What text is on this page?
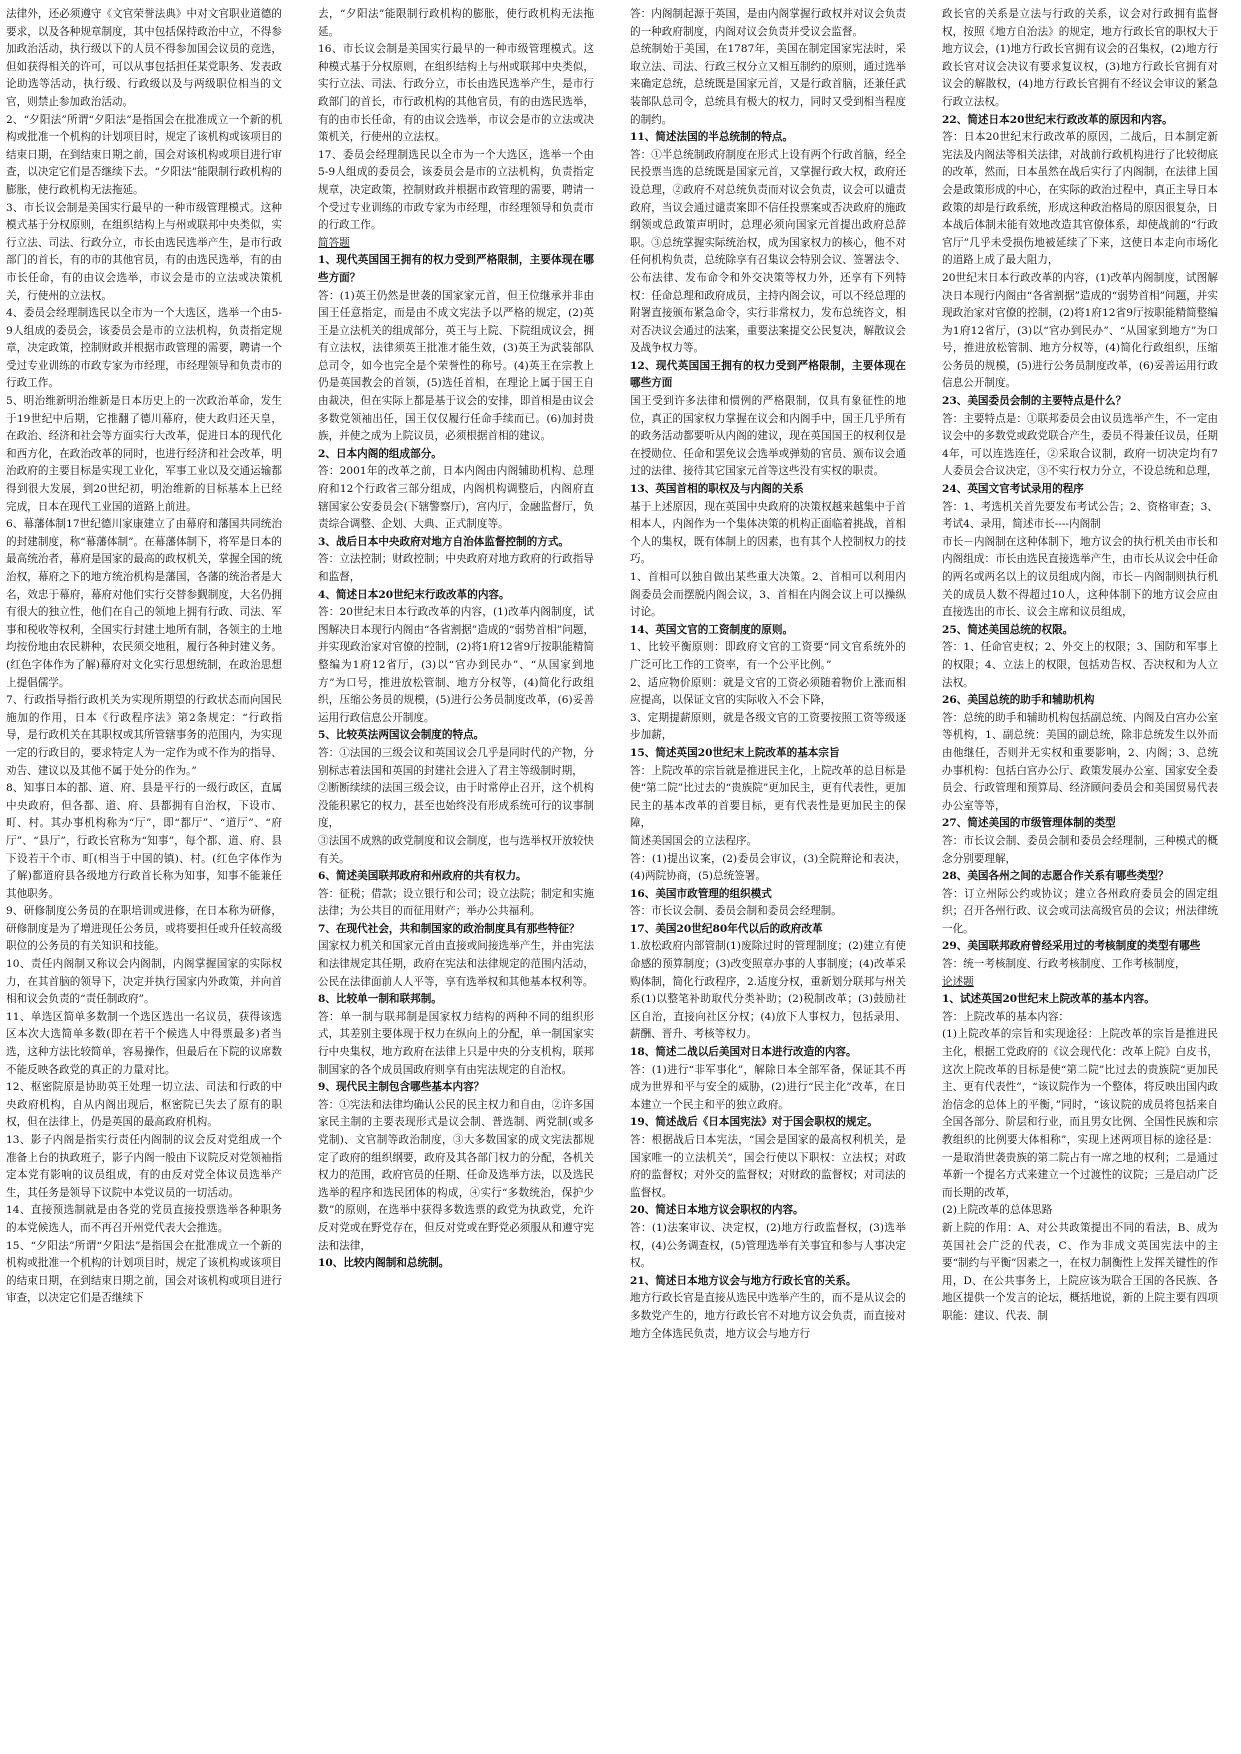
法律外，还必须遵守《文官荣誉法典》中对文官职业道德的要求，以及各种规章制度，其中包括保持政治中立，不得参加政治活动，执行级以下的人员不得参加国会议员的竞选，但如获得相关的许可，可以从事包括担任某党职务、发表政论助选等活动，执行级、行政级以及与两级职位相当的文官，则禁止参加政治活动。

2、“夕阳法”所谓“夕阳法”是指国会在批准成立一个新的机构或批准一个机构的计划项目时，规定了该机构或该项目的结束日期，在到结束日期之前，国会对该机构或项目进行审查，以决定它们是否继续下去。“夕阳法”能限制行政机构的膨胀，使行政机构无法拖延。

3、市长议会制是美国实行最早的一种市级管理模式。这种模式基于分权原则，在组织结构上与州或联邦中央类似，实行立法、司法、行政分立，市长由选民选举产生，是市行政部门的首长，有的市的其他官员，有的由选民选举，有的由市长任命，有的由议会选举，市议会是市的立法或决策机关，行使州的立法权。

4、委员会经理制选民以全市为一个大选区，选举一个由5-9人组成的委员会，该委员会是市的立法机构，负责指定规章，决定政策，控制财政并根据市政管理的需要，聘请一个受过专业训练的市政专家为市经理，市经理领导和负责市的行政工作。

5、明治维新明治维新是日本历史上的一次政治革命，发生于19世纪中后期，它推翻了德川幕府，使大政归还天皇，在政治、经济和社会等方面实行大改革，促进日本的现代化和西方化，在政治改革的同时，也进行经济和社会改革，明治政府的主要目标是实现工业化，军事工业以及交通运输都得到很大发展，到20世纪初，明治维新的目标基本上已经完成，日本在现代工业国的道路上前进。

6、幕藩体制17世纪德川家康建立了由幕府和藩国共同统治的封建制度，称“幕藩体制”。在幕藩体制下，将军是日本的最高统治者，幕府是国家的最高的政权机关，掌握全国的统治权，幕府之下的地方统治机构是藩国，各藩的统治者是大名，效忠于幕府，幕府对他们实行交替参觐制度，大名仍拥有很大的独立性，他们在自己的领地上拥有行政、司法、军事和税收等权利，全国实行封建土地所有制，各领主的土地均按份地由农民耕种，农民须交地租，履行各种封建义务。(红色字体作为了解)幕府对文化实行思想统制，在政治思想上提倡儒学。

7、行政指导指行政机关为实现所期望的行政状态而向国民施加的作用，日本《行政程序法》第2条规定：“行政指导，是行政机关在其职权或其所管辖事务的范围内，为实现一定的行政目的，要求特定人为一定作为或不作为的指导、劝告、建议以及其他不属于处分的作为。”

8、知事日本的都、道、府、县是平行的一级行政区，直属中央政府，但各都、道、府、县都拥有自治权，下设市、町、村。其办事机构称为“厅”，即“都厅”、“道厅”、“府厅”、“县厅”，行政长官称为“知事”，每个都、道、府、县下设若干个市、町(相当于中国的镇)、村。(红色字体作为了解)都道府县各级地方行政首长称为知事，知事不能兼任其他职务。

9、研修制度公务员的在职培训或进修，在日本称为研修，研修制度是为了增进现任公务员，或将要担任或升任较高级职位的公务员的有关知识和技能。

10、责任内阁制又称议会内阁制，内阁掌握国家的实际权力，在其首脑的领导下，决定并执行国家内外政策，并向首相和议会负责的“责任制政府”。

11、单选区简单多数制一个选区选出一名议员，获得该选区本次大选简单多数(即在若干个候选人中得票最多)者当选，这种方法比较简单，容易操作，但最后在下院的议席数不能反映各政党的真正的力量对比。

12、枢密院原是协助英王处理一切立法、司法和行政的中央政府机构，自从内阁出现后，枢密院已失去了原有的职权，但在法律上，仍是英国的最高政府机构。

13、影子内阁是指实行责任内阁制的议会反对党组成一个准备上台的执政班子，影子内阁一般由下议院反对党领袖指定本党有影响的议员组成，有的由反对党全体议员选举产生，其任务是领导下议院中本党议员的一切活动。

14、直接预选制就是由各党的党员直接投票选举各种职务的本党候选人，而不再召开州党代表大会推选。

15、“夕阳法”所谓“夕阳法”是指国会在批准成立一个新的机构或批准一个机构的计划项目时，规定了该机构或该项目的结束日期，在到结束日期之前，国会对该机构或项目进行审查，以决定它们是否继续下

去，“夕阳法”能限制行政机构的膨胀，使行政机构无法拖延。

16、市长议会制是美国实行最早的一种市级管理模式。这种模式基于分权原则，在组织结构上与州或联邦中央类似，实行立法、司法、行政分立，市长由选民选举产生，是市行政部门的首长，市行政机构的其他官员，有的由选民选举，有的由市长任命，有的由议会选举，市议会是市的立法或决策机关，行使州的立法权。

17、委员会经理制选民以全市为一个大选区，选举一个由5-9人组成的委员会，该委员会是市的立法机构，负责指定规章，决定政策，控制财政并根据市政管理的需要，聘请一个受过专业训练的市政专家为市经理，市经理领导和负责市的行政工作。

简答题

1、现代英国国王拥有的权力受到严格限制，主要体现在哪些方面？

答：(1)英王仍然是世袭的国家家元首，但王位继承并非由国王任意指定，而是由不成文宪法予以严格的规定，(2)英王是立法机关的组成部分，英王与上院、下院组成议会，拥有立法权，法律须英王批准才能生效，(3)英王为武装部队总司令，如今也完全是个荣誉性的称号。(4)英王在宗教上仍是英国教会的首领，(5)选任首相，在理论上属于国王自由裁决，但在实际上都是基于议会的安排，即首相是由议会多数党领袖出任，国王仅仅履行任命手续而已。(6)加封贵族，并使之成为上院议员，必须根据首相的建议。

2、日本内阁的组成部分。

答：2001年的改革之前，日本内阁由内阁辅助机构、总理府和12个行政省三部分组成，内阁机构调整后，内阁府直辖国家公安委员会(下辖警察厅)，宫内厅，金融监督厅，负责综合调整、企划、大典、正式制度等。

3、战后日本中央政府对地方自治体监督控制的方式。

答：立法控制；财政控制；中央政府对地方政府的行政指导和监督，

4、简述日本20世纪末行政改革的内容。

答：20世纪末日本行政改革的内容，(1)改革内阁制度，试图解决日本现行内阁由“各省割据”造成的“弱势首相”问题，并实现政治家对官僚的控制，(2)将1府12省9厅按职能精简整编为1府12省厅，(3)以“官办到民办”、“从国家到地方”为口号，推进放松管制、地方分权等，(4)简化行政组织，压缩公务员的规模，(5)进行公务员制度改革，(6)妥善运用行政信息公开制度。

5、比较英法两国议会制度的特点。

答：①法国的三级会议和英国议会几乎是同时代的产物，分别标志着法国和英国的封建社会进入了君主等级制时期，

②断断续续的法国三级会议，由于时常停止召开，这个机构没能积累它的权力，甚至也始终没有形成系统可行的议事制度，

③法国不成熟的政党制度和议会制度，也与选举权开放较快有关。

6、简述美国联邦政府和州政府的共有权力。

答：征税；借款；设立银行和公司；设立法院；制定和实施法律；为公共目的而征用财产；举办公共福利。

7、在现代社会，共和制国家的政治制度具有那些特征？

国家权力机关和国家元首由直接或间接选举产生，并由宪法和法律规定其任期，政府在宪法和法律规定的范围内活动，公民在法律面前人人平等，享有选举权和其他基本权利等。

8、比较单一制和联邦制。

答：单一制与联邦制是国家权力结构的两种不同的组织形式，其差别主要体现于权力在纵向上的分配，单一制国家实行中央集权，地方政府在法律上只是中央的分支机构，联邦制国家的各个成员国政府则享有由宪法规定的自治权。

9、现代民主制包含哪些基本内容？

答：①宪法和法律均确认公民的民主权力和自由，②许多国家民主制的主要表现形式是议会制、普选制、两党制(或多党制)、文官制等政治制度，③大多数国家的成文宪法都规定了政府的组织纲要，政府及其各部门权力的分配，各机关权力的范围，政府官员的任期、任命及选举方法，以及选民选举的程序和选民团体的构成，④实行“多数统治，保护少数”的原则，在选举中获得多数选票的政党为执政党，允许反对党或在野党存在，但反对党或在野党必须服从和遵守宪法和法律，

10、比较内阁制和总统制。

答：内阁制起源于英国，是由内阁掌握行政权并对议会负责的一种政府制度，内阁对议会负责并受议会监督。

总统制始于美国，在1787年，美国在制定国家宪法时，采取立法、司法、行政三权分立又相互制约的原则，通过选举来确定总统，总统既是国家元首，又是行政首脑，还兼任武装部队总司令，总统具有极大的权力，同时又受到相当程度的制约。

11、简述法国的半总统制的特点。

答：①半总统制政府制度在形式上设有两个行政首脑，经全民投票当选的总统既是国家元首，又掌握行政大权，政府还设总理，②政府不对总统负责而对议会负责，议会可以谴责政府，当议会通过谴责案即不信任投票案或否决政府的施政纲领或总政策声明时，总理必须向国家元首提出政府总辞职。③总统掌握实际统治权，成为国家权力的核心，他不对任何机构负责，总统除享有召集议会特别会议、签署法令、公布法律、发布命令和外交决策等权力外，还享有下列特权：任命总理和政府成员，主持内阁会议，可以不经总理的附署直接颁布紧急命令，实行非常权力，发布总统咨文，相对否决议会通过的法案，重要法案提交公民复决，解散议会及战争权力等。

12、现代英国国王拥有的权力受到严格限制，主要体现在哪些方面

国王受到许多法律和惯例的严格限制，仅具有象征性的地位，真正的国家权力掌握在议会和内阁手中，国王几乎所有的政务活动都要听从内阁的建议，现在英国国王的权利仅是在授勋位、任命和罢免议会选举或弹劾的官员、颁布议会通过的法律、接待其它国家元首等这些没有实权的职责。

13、英国首相的职权及与内阁的关系

基于上述原因，现在英国中央政府的决策权越来越集中于首相本人，内阁作为一个集体决策的机构正面临着挑战，首相个人的集权，既有体制上的因素，也有其个人控制权力的技巧。

1、首相可以独自做出某些重大决策。2、首相可以利用内阁委员会而摆脱内阁会议，3、首相在内阁会议上可以操纵讨论。

14、英国文官的工资制度的原则。

1、比较平衡原则：即政府文官的工资要“同文官系统外的广泛可比工作的工资率，有一个公平比例。”

2、适应物价原则：就是文官的工资必须随着物价上涨而相应提高，以保证文官的实际收入不会下降，

3、定期提薪原则，就是各级文官的工资要按照工资等级逐步加薪，

15、简述英国20世纪末上院改革的基本宗旨

答：上院改革的宗旨就是推进民主化，上院改革的总目标是使“第二院”比过去的“贵族院”更加民主，更有代表性，更加民主的基本改革的首要目标，更有代表性是更加民主的保障，

简述美国国会的立法程序。

答：(1)提出议案，(2)委员会审议，(3)全院辩论和表决，(4)两院协商，(5)总统签署。

16、美国市政管理的组织模式

答：市长议会制、委员会制和委员会经理制。

17、美国20世纪80年代以后的政府改革

1.放松政府内部管制(1)废除过时的管理制度；(2)建立有使命感的预算制度；(3)改变照章办事的人事制度；(4)改革采购体制，简化行政程序，2.适度分权，重新划分联邦与州关系(1)以整笔补助取代分类补助；(2)税制改革；(3)鼓励社区自治，直接向社区分权；(4)放下人事权力，包括录用、薪酬、晋升、考核等权力。

18、简述二战以后美国对日本进行改造的内容。

答：(1)进行“非军事化”，解除日本全部军备，保证其不再成为世界和平与安全的威胁，(2)进行“民主化”改革，在日本建立一个民主和平的独立政府。

19、简述战后《日本国宪法》对于国会职权的规定。

答：根据战后日本宪法，“国会是国家的最高权利机关，是国家唯一的立法机关”，国会行使以下职权：立法权；对政府的监督权；对外交的监督权；对财政的监督权；对司法的监督权。

20、简述日本地方议会职权的内容。

答：(1)法案审议、决定权，(2)地方行政监督权，(3)选举权，(4)公务调查权，(5)管理选举有关事宜和参与人事决定权。

21、简述日本地方议会与地方行政长官的关系。

地方行政长官是直接从选民中选举产生的，而不是从议会的多数党产生的，地方行政长官不对地方议会负责，而直接对地方全体选民负责，地方议会与地方行

政长官的关系是立法与行政的关系，议会对行政拥有监督权，按照《地方自治法》的规定，地方行政长官的职权大于地方议会，(1)地方行政长官拥有议会的召集权，(2)地方行政长官对议会决议有要求复议权，(3)地方行政长官拥有对议会的解散权，(4)地方行政长官拥有不经议会审议的紧急行政立法权。

22、简述日本20世纪末行政改革的原因和内容。

答：日本20世纪末行政改革的原因，二战后，日本制定新宪法及内阁法等相关法律，对战前行政机构进行了比较彻底的改革，然而，日本虽然在战后实行了内阁制，在法律上国会是政策形成的中心，在实际的政治过程中，真正主导日本政策的却是行政系统，形成这种政治格局的原因很复杂，日本战后体制未能有效地改造其官僚体系，却使战前的“行政官厅”几乎未受损伤地被延续了下来，这使日本走向市场化的道路上成了最大阻力，

20世纪末日本行政改革的内容，(1)改革内阁制度，试图解决日本现行内阁由“各省割据”造成的“弱势首相”问题，并实现政治家对官僚的控制，(2)将1府12省9厅按职能精简整编为1府12省厅，(3)以“官办到民办”、“从国家到地方”为口号，推进放松管制、地方分权等，(4)简化行政组织，压缩公务员的规模，(5)进行公务员制度改革，(6)妥善运用行政信息公开制度。

23、美国委员会制的主要特点是什么？

答：主要特点是：①联邦委员会由议员选举产生，不一定由议会中的多数党或政党联合产生，委员不得兼任议员，任期4年，可以连选连任，②采取合议制，政府一切决定均有7人委员会合议决定，③不实行权力分立，不设总统和总理，

24、英国文官考试录用的程序

答：1、考选机关首先要发布考试公告；2、资格审查；3、考试4、录用，简述市长----内阁制

市长－内阁制在这种体制下，地方议会的执行机关由市长和内阁组成：市长由选民直接选举产生，由市长从议会中任命的两名或两名以上的议员组成内阁，市长－内阁制则执行机关的成员人数不得超过10人，这种体制下的地方议会应由直接选出的市长、议会主席和议员组成，

25、简述美国总统的权限。

答：1、任命官吏权；2、外交上的权限；3、国防和军事上的权限；4、立法上的权限，包括劝告权、否决权和为人立法权。

26、美国总统的助手和辅助机构

答：总统的助手和辅助机构包括副总统、内阁及白宫办公室等机构，1、副总统：美国的副总统，除非总统发生以外而由他继任，否则并无实权和重要影响，2、内阁；3、总统办事机构：包括白宫办公厅、政策发展办公室、国家安全委员会、行政管理和预算局、经济顾问委员会和美国贸易代表办公室等等，

27、简述美国的市级管理体制的类型

答：市长议会制、委员会制和委员会经理制，三种模式的概念分别要理解，

28、美国各州之间的志愿合作关系有哪些类型？

答：订立州际公约或协议；建立各州政府委员会的固定组织；召开各州行政、议会或司法高级官员的会议；州法律统一化。

29、美国联邦政府曾经采用过的考核制度的类型有哪些

答：统一考核制度、行政考核制度、工作考核制度，

论述题

1、试述英国20世纪末上院改革的基本内容。

答：上院改革的基本内容：

(1)上院改革的宗旨和实现途径：上院改革的宗旨是推进民主化，根据工党政府的《议会现代化：改革上院》白皮书，这次上院改革的目标是使“第二院”比过去的贵族院“更加民主、更有代表性”，“该议院作为一个整体，将反映出国内政治信念的总体上的平衡，”同时，“该议院的成员将包括来自全国各部分、阶层和行业，而且男女比例、全国性民族和宗教组织的比例要大体相称”，实现上述两项目标的途径是：一是取消世袭贵族的第二院占有一席之地的权利；二是通过革新一个提名方式来建立一个过渡性的议院；三是启动广泛而长期的改革，

(2)上院改革的总体思路

新上院的作用：A、对公共政策提出不同的看法，B、成为英国社会广泛的代表，C、作为非成文英国宪法中的主要“制约与平衡”因素之一，在权力制衡性上发挥关键性的作用，D、在公共事务上，上院应该为联合王国的各民族、各地区提供一个发言的论坛，概括地说，新的上院主要有四项职能：建议、代表、制
